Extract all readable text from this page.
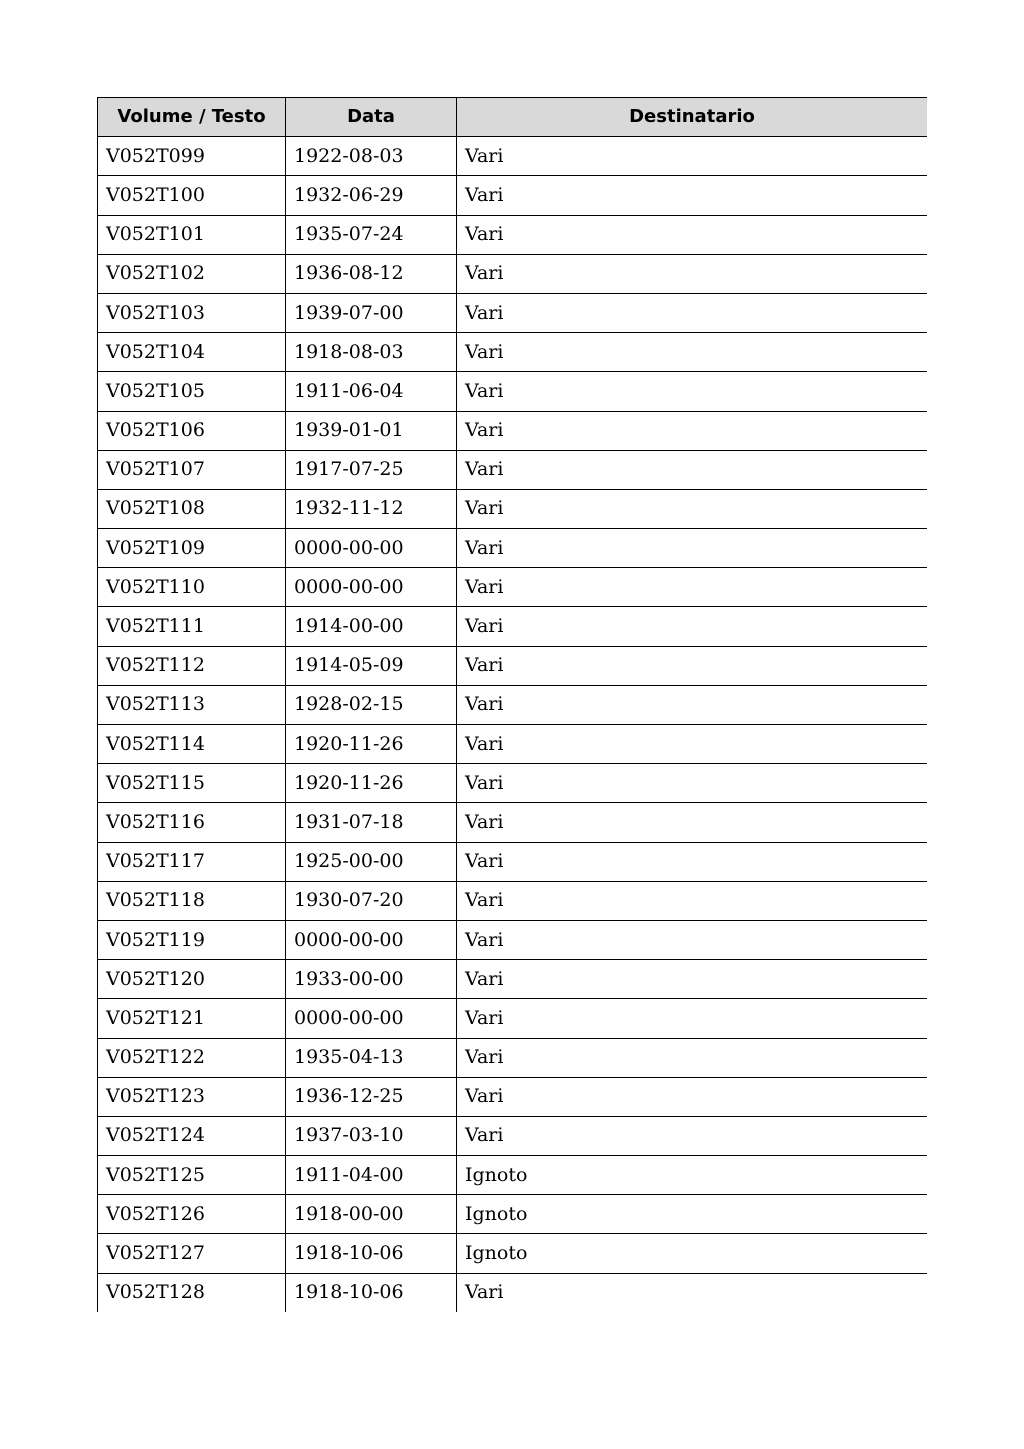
Volume / Testo	Data	Destinatario
V052T099	1922-08-03	Vari
V052T100	1932-06-29	Vari
V052T101	1935-07-24	Vari
V052T102	1936-08-12	Vari
V052T103	1939-07-00	Vari
V052T104	1918-08-03	Vari
V052T105	1911-06-04	Vari
V052T106	1939-01-01	Vari
V052T107	1917-07-25	Vari
V052T108	1932-11-12	Vari
V052T109	0000-00-00	Vari
V052T110	0000-00-00	Vari
V052T111	1914-00-00	Vari
V052T112	1914-05-09	Vari
V052T113	1928-02-15	Vari
V052T114	1920-11-26	Vari
V052T115	1920-11-26	Vari
V052T116	1931-07-18	Vari
V052T117	1925-00-00	Vari
V052T118	1930-07-20	Vari
V052T119	0000-00-00	Vari
V052T120	1933-00-00	Vari
V052T121	0000-00-00	Vari
V052T122	1935-04-13	Vari
V052T123	1936-12-25	Vari
V052T124	1937-03-10	Vari
V052T125	1911-04-00	Ignoto
V052T126	1918-00-00	Ignoto
V052T127	1918-10-06	Ignoto
V052T128	1918-10-06	Vari
